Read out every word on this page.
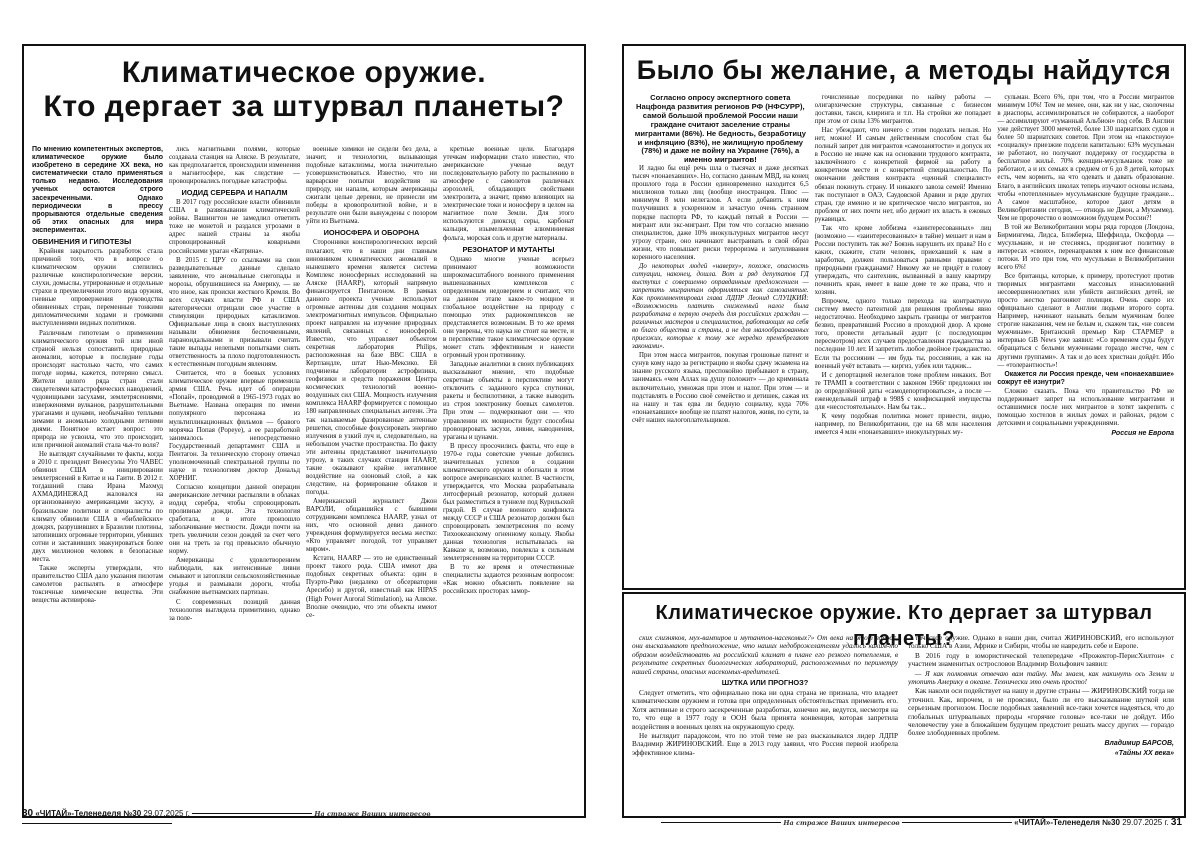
Климатическое оружие.
Кто дергает за штурвал планеты?
По мнению компетентных экспертов, климатическое оружие было изобретено в середине XX века, но систематически стало применяться только недавно. Исследования ученых остаются строго засекреченными. Однако периодически в прессу прорываются отдельные сведения об этих опасных для мира экспериментах.
ОБВИНЕНИЯ И ГИПОТЕЗЫ

Крайняя закрытость разработок стала причиной того, что в вопросе о климатическом оружии слепились различные конспирологические версии, слухи, домыслы, утрированные и отдельные страхи в преувеличении этого вида оружия, гневные опровержения руководства обвиненных стран, переменные тонкими дипломатическими ходами и громкими выступлениями видных политиков.

Различным гипотезам о применении климатического оружия той или иной страной нельзя сопоставить природные аномалии, которые в последние годы происходят настолько часто, что самих погоде нормы, кажется, потеряно смысл. Жители целого ряда стран стали свидетелями катастрофических наводнений, чудовищными засухами, землетрясениями, извержениями вулканов, разрушительными ураганами и цунами, необычайно теплыми зимами и аномально холодными летними днями. Понятное встает вопрос: это природа не усвоила, что это происходит, или причиной аномалий стала чья-то воля?

Не выглядят случайными те факты, когда в 2010 г. президент Венесуэлы Уго ЧАВЕС обвинил США в инициировании землетрясений в Китае и на Гаити. В 2012 г. тогдашний глава Ирана Махмуд АХМАДИНЕЖАД жаловался на организованную американцами засуху, а бразильские политики и специалисты по климату обвинили США в «библейских» дождях, разрушивших в Бразилии плотины, затопивших огромные территории, убивших сотни и заставивших эвакуироваться более двух миллионов человек в безопасные места.

Также эксперты утверждали, что правительство США дало указания пилотам самолетов распылять в атмосфере токсичные химические вещества. Эти вещества активирова-

лись магнитными полями, которые создавала станция на Аляске. В результате, как предполагается, происходили изменения в магнитосфере, как следствие — провоцировались погодные катастрофы.

ИОДИД СЕРЕБРА И НАПАЛМ

В 2017 году российские власти обвинили США в развязывании климатической войны. Вашингтон не замедлил ответить тоже не монетой и раздался угрозами в адрес нашей страны за якобы спровоцированный коварными российскими ураган «Катрина».

В 2015 г. ЦРУ со ссылками на свои разведывательные данные сделало заявление, что аномальные снегопады и морозы, обрушившиеся на Америку, — не что иное, как происки жесткого Кремля. Во всех случаях власти РФ и США категорически отрицали свое участие в стимуляции природных катаклизмов. Официальные лица в своих выступлениях называли обвинения беспочвенными, параноидальными и призывали считать такие выпады нелепыми попытками снять ответственность за плохо подготовленность к естественным погодным явлениям.

Считается, что в боевых условиях климатическое оружие впервые применила армия США. Речь идет об операции «Попай», проводимой в 1965-1973 годах во Вьетнаме. Названа операция по имени популярного персонажа из мультипликационных фильмов — бравого морячка Попая (Popeye), а ее разработкой занималось непосредственно Государственный департамент США и Пентагон. За техническую сторону отвечал уполномоченный спектральной группы по науке и технологиям доктор Дональд ХОРНИГ.

Согласно концепции данной операции американские летчики распыляли в облаках иодид серебра, чтобы спровоцировать проливные дожди. Эта технология сработала, и в итоге произошло заболачивание местности. Дожди почти на треть увеличили сезон дождей за счет чего они на треть за год превысило обычную норму.

Американцы с удовлетворением наблюдали, как интенсивные ливни смывают и затопляли сельскохозяйственные угодья и размывали дороги, чтобы снабжение вьетнамских партизан.

С современных позиций данная технология выглядела примитивно, однако за поле-

военные химики не сидели без дела, а значит, и технологии, вызывающая подобные катаклизмы, могла значительно усовершенствоваться. Известно, что ни варварские попытки воздействия на природу, ни напалм, которым американцы сжигали целые деревни, не принесли им победы в кровопролитной войне, и в результате они были вынуждены с позором уйти из Вьетнама.

ИОНОСФЕРА И ОБОРОНА

Сторонники конспирологических версий полагают, что в наши дни главным виновником климатических аномалий в нынешнего времени является система Комплекс ионосферных исследований на Аляске (HAARP), который напрямую финансируется Пентагоном. В рамках данного проекта ученые используют огромные антенны для создания мощных электромагнитных импульсов. Официально проект направлен на изучение природных явлений, связанных с ионосферой. Известно, что управляет объектом секретная лаборатория Philips, расположенная на базе ВВС США в Кертландле, штат Нью-Мексико. Ей подчинены лаборатории астрофизики, геофизики и средств поражения Центра космических технологий военно-воздушных сил США. Мощность излучения комплекса HAARP формируется с помощью 180 направленных специальных антенн. Эта так называемые фазированные антенные решетки, способные фокусировать энергию излучения в узкий луч и, следовательно, на небольшом участке пространства. По факту эти антенны представляют значительную угрозу, в таких случаях станция HAARP, такие оказывают крайне негативное воздействие на озоновый слой, а как следствие, на формирование облаков и погоды.

Американский журналист Джон ВАРОЛИ, общавшийся с бывшими сотрудниками комплекса HAARP, узнал от них, что основной девиз данного учреждения формулируется весьма жестко: «Кто управляет погодой, тот управляет миром».

Кстати, HAARP — это не единственный проект такого рода. США имеют два подобных секретных объекта: один в Пуэрто-Рико (недалеко от обсерватории Аресибо) и другой, известный как HIPAS (High Power Auroral Stimulation), на Аляске. Вполне очевидно, что эти объекты имеют се-

кретные военные цели. Благодаря утечкам информации стало известно, что американские ученые ведут последовательную работу по распылению в атмосфере с самолетов различных аэрозолей, обладающих свойствами электролита, а значит, прямо влияющих на электрические токи и ионосферу в целом на магнитное поле Земли. Для этого используются диоксид серы, карбонат кальция, изымельченная алюминиевая фольга, морская соль и другие материалы.

РЕЗОНАТОР И МУТАНТЫ

Однако многие ученые всерьез принимают возможности широкомасштабного военного применения вышеназванных комплексов с определенным недоверием и считают, что на данном этапе какое-то мощное и глобальное воздействие на природу с помощью этих радиокомплексов не представляется возможным. В то же время они уверены, что наука не стоит на месте, и в перспективе такое климатическое оружие может стать эффективным и нанести огромный урон противнику.

Западные аналитики в своих публикациях высказывают мнение, что подобные секретные объекты в перспективе могут отключить с заданного курса спутники, ракеты и беспилотники, а также выводить из строя электронику боевых самолетов. При этом — подчеркивают они — что управлении их мощности будут способны провоцировать засухи, ливни, наводнения, ураганы и цунами.

В прессу просочились факты, что еще в 1970-е годы советские ученые добились значительных успехов в создании климатического оружия и обогнали в этом вопросе американских коллег. В частности, утверждается, что Москва разрабатывала литосферный резонатор, который должен был разместиться в туннеле под Курильской грядой. В случае военного конфликта между СССР и США резонатор должен был спровоцировать землетрясения по всему Тихоокеанскому огненному кольцу. Якобы данная технология испытывалась на Кавказе и, возможно, повлекла к сильным землетрясениям на территории СССР.

В то же время и отечественные специалисты задаются резонным вопросом: «Как можно объяснить появление на российских просторах замор-

30 «ЧИТАЙ»-Теленеделя №30 29.07.2025 г.	На страже Ваших интересов
Было бы желание, а методы найдутся
Согласно опросу экспертного совета Нацфонда развития регионов РФ (НФСУРР), самой большой проблемой России наши граждане считают заселение страны мигрантами (86%). Не бедность, безработицу и инфляцию (83%), не жилищную проблему (78%) и даже не войну на Украине (76%), а именно мигрантов!

И ладно бы ещё речь шла о тысячах и даже десятках тысяч «понаехавших». Но, согласно данным МВД, на конец прошлого года в России единовременно находится 6,5 миллионов только лиц (вообще иностранцев. Плюс — минимум 8 млн нелегалов. А если добавить к ним получивших в ускоренном и зачастую очень странном порядке паспорта РФ, то каждый пятый в России — мигрант или экс-мигрант. При том что согласно мнению специалистов, даже 10% инокультурных мигрантов несут угрозу стране, оно начинают выстраивать в свой образ жизни, что повышает риски терроризма и затупливания коренного населения.

До некоторых людей «наверху», похоже, опасность ситуации, наконец, дошла. Вот и ряд депутатов ГД выступил с совершенно оправданным предложением — запретить мигрантам оформляться как самозанятые. Как прокомментировал глава ЛДПР Леонид СЛУЦКИЙ: «Возможность платить сниженный налог была разработана в первую очередь для российских граждан — различных мастеров и специалистов, работающих на себя во благо общества и страны, а не для малообразованных приезжих, которые к тому же нередко пренебрегают законами».

При этом масса мигрантов, покупая грошовые патент и сунув кому надо за регистрацию и якобы сдачу экзамена на знание русского языка, преспокойно прибывают в страну, занимаясь «чем Аллах на душу положит» — до криминала включительно, умножая при этом и налог. При этом — и подставлять в Россию своё семейство и детишек, сажая их на нашу и так едва ли бедную социалку, куда 70% «понаехавших» вообще не платят налогов, живя, по сути, за счёт наших налогоплательщиков.

гочисленные посредники по найму работы — олигархические структуры, связанные с бизнесом доставки, такси, клиринга и т.п. На стройки же попадает при этом от силы 13% мигрантов.

Нас убеждают, что ничего с этим поделать нельзя. Но нет, можно! И самым действенным способом стал бы полный запрет для мигрантов «самозанятости» и допуск их в Россию не иначе как на основании трудового контракта, заключённого с конкретной фирмой на работу в конкретном месте и с конкретной специальностью. По окончании действия контракта «ценный специалист» обязан покинуть страну. И никакого завоза семей! Именно так поступают в ОАЭ, Саудовской Аравии и ряде других стран, где именно и не критическое число мигрантов, но проблем от них почти нет, ибо держит их власть в ежовых рукавицах.

Так что кроме лоббизма «заинтересованных» лиц (возможно — «заинтересованных» в тайне) мешает и нам в России поступить так же? Боязнь нарушить их права? Но с каких, скажите, стати человек, приехавший к нам в заработки, должен пользоваться равными правами с природными гражданами? Никому же не придёт в голову утверждать, что сантехник, вызванный в вашу квартиру починить кран, имеет в ваше доме те же права, что и хозяин.

Впрочем, одного только перехода на контрактную систему вместо патентной для решения проблемы явно недостаточно. Необходимо закрыть границы от мигрантов безвиз, превративший Россию в проходной двор. А кроме того, провести детальный аудит (с последующим пересмотром) всех случаев предоставления гражданства за последние 10 лет. И запретить любое двойное гражданство. Если ты россиянин — им будь ты, россиянин, а как на военный учёт вставать — киргиз, узбек или таджик...

И с депортацией нелегалов тоже проблем никаких. Вот те ТРАМП в соответствии с законом 1966г предложил им до определённой даты «самодепортироваться», а после — еженедельный штраф в 998$ с конфискацией имущества для «несостоятельных». Нам бы так...

К чему подобная политика может привести, видно, например, по Великобритании, где на 68 млн населения имеется 4 млн «понаехавших» инокультурных му-

сульман. Всего 6%, при том, что в России мигрантов минимум 10%! Тем не менее, они, как ни у нас, сколочены в диаспоры, ассимилироваться не собираются, а наоборот — ассимилируют «туманный Альбион» под себя. В Англии уже действует 3000 мечетей, более 130 шариатских судов и более 50 шариатских советов. При этом на «пакостную» «социалку» приезжие подсели капитально: 63% мусульман не работают, но получают поддержку от государства в бесплатное жильё. 70% женщин-мусульманок тоже не работают, а и их семьях в среднем от 6 до 8 детей, которых есть, чем кормить, на что одевать и давать образование. Благо, в английских школах теперь изучают основы ислама, чтобы «потепленные» мусульманские будущие граждане... А самое масштабное, которое дают детям в Великобритании сегодня, — отнюдь не Джон, а Мухаммед. Чем не пророчество о возможном будущем России?!

В той же Великобритании мэры ряда городов (Лондона, Бирмингема, Лидса, Блэкберна, Шеффилда, Оксфорда — мусульмане, и не стесняясь, продвигают политику в интересах «своих», перенаправляя к ним все финансовые потоки. И это при том, что мусульман в Великобритании всего 6%!

Все британцы, которые, к примеру, протестуют против творимых мигрантами массовых изнасилований несовершеннолетних или убийств английских детей, не просто жестко разгоняют полиция. Очень скоро их официально сделают в Англии людьми второго сорта. Например, начинают называть белым мужчинам более строгие наказания, чем не белым и, скажем так, «не совсем мужчинам». Британский премьер Кир СТАРМЕР в интервью GB News уже заявил: «Со временем суды будут обращаться с белыми мужчинами гораздо жестче, чем с другими группами». А так и до всех христиан дойдёт. Ибо — «толерантность»!

Окажется ли Россия прежде, чем «понаехавшие» сожрут её изнутри?

Сложно сказать. Пока что правительство РФ не поддерживает запрет на использование мигрантами и оставшимися после них мигрантов в хотят закрепить с помощью хостелов в жилых домах и районах, рядом с детскими и социальными учреждениями.

Россия не Европа
Климатическое оружие. Кто дергает за штурвал планеты?

ских слизняков, мух-вампиров и мутантов-насекомых?» От века на этот вопрос, они высказывают предположение, что наших недоброжелателям удалось каким-то образом воздействовать на российский климат в плане его резкого потепления, в результате секретных биологических лабораторий, расположенных по периметру нашей страны, опасных насекомых-вредителей.

ШУТКА ИЛИ ПРОГНОЗ?

Следует отметить, что официально пока ни одна страна не признала, что владеет климатическим оружием и готова при определенных обстоятельствах применить его. Хотя активные и строго засекреченные разработки, конечно же, ведутся, несмотря на то, что еще в 1977 году в ООН была принята конвенция, которая запретила воздействия в военных целях на окружающую среду.

Не выглядит парадоксом, что по этой теме не раз высказывался лидер ЛДПР Владимир ЖИРИНОВСКИЙ. Еще в 2013 году заявил, что Россия первой изобрела эффективное клима-

тическое оружие. Однако в наши дни, считал ЖИРИНОВСКИЙ, его используют только США в Азии, Африке и Сибири, чтобы не навредить себе и Европе.

В 2016 году в юмористической телепередаче «Прожектор-ПерисХилтон» с участием знаменитых острословов Владимир Вольфович заявил:

— Я как полковник отвечаю вам тайну. Мы знаем, как накинуть ось Земли и утопить Америку в океане. Технически это очень просто!

Как наколи оси подействует на нашу и другие страны — ЖИРИНОВСКИЙ тогда не уточнил. Как, впрочем, и не прояснил, было ли его высказывание шуткой или серьезным прогнозом. После подобных заявлений все-таки хочется надеяться, что до глобальных штурвальных природы «горячие головы» все-таки не дойдут. Ибо человечеству уже в ближайшем будущем предстоит решать массу других — гораздо более злободневных проблем.

Владимир БАРСОВ,
«Тайны XX века»
На страже Ваших интересов	«ЧИТАЙ»-Теленеделя №30 29.07.2025 г. 31
